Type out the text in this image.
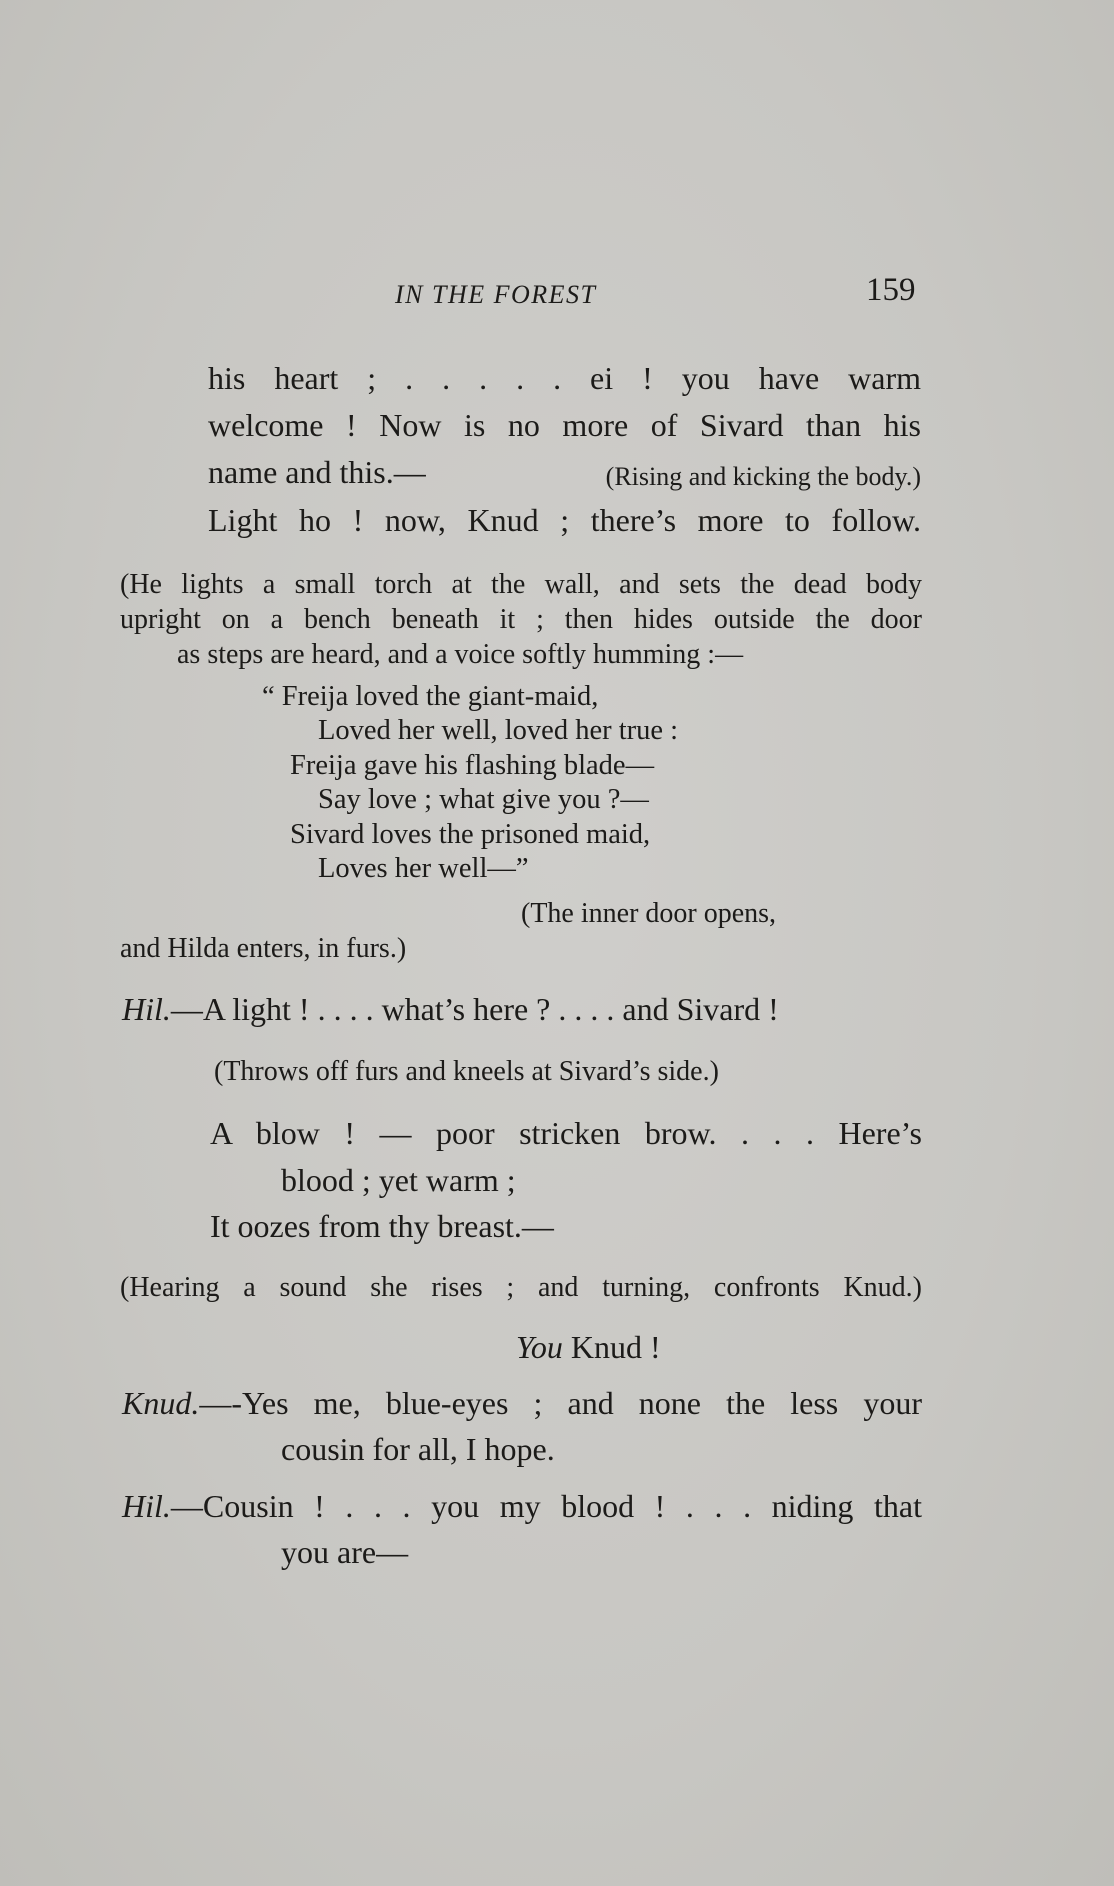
IN THE FOREST	159
his heart ; . . . . . ei ! you have warm
welcome ! Now is no more of Sivard than his
name and this.—	(Rising and kicking the body.)
Light ho ! now, Knud ; there’s more to follow.
(He lights a small torch at the wall, and sets the dead body
upright on a bench beneath it ; then hides outside the door
as steps are heard, and a voice softly humming :—
“ Freija loved the giant-maid,
Loved her well, loved her true :
Freija gave his flashing blade—
Say love ; what give you ?—
Sivard loves the prisoned maid,
Loves her well—”
(The inner door opens,
and Hilda enters, in furs.)
Hil.—A light ! . . . . what’s here ? . . . . and Sivard !
(Throws off furs and kneels at Sivard’s side.)
A blow ! — poor stricken brow. . . . Here’s
blood ; yet warm ;
It oozes from thy breast.—
(Hearing a sound she rises ; and turning, confronts Knud.)
You Knud !
Knud. —-Yes me, blue-eyes ; and none the less your
cousin for all, I hope.
Hil. —Cousin ! . . . you my blood ! . . . niding that
you are—
